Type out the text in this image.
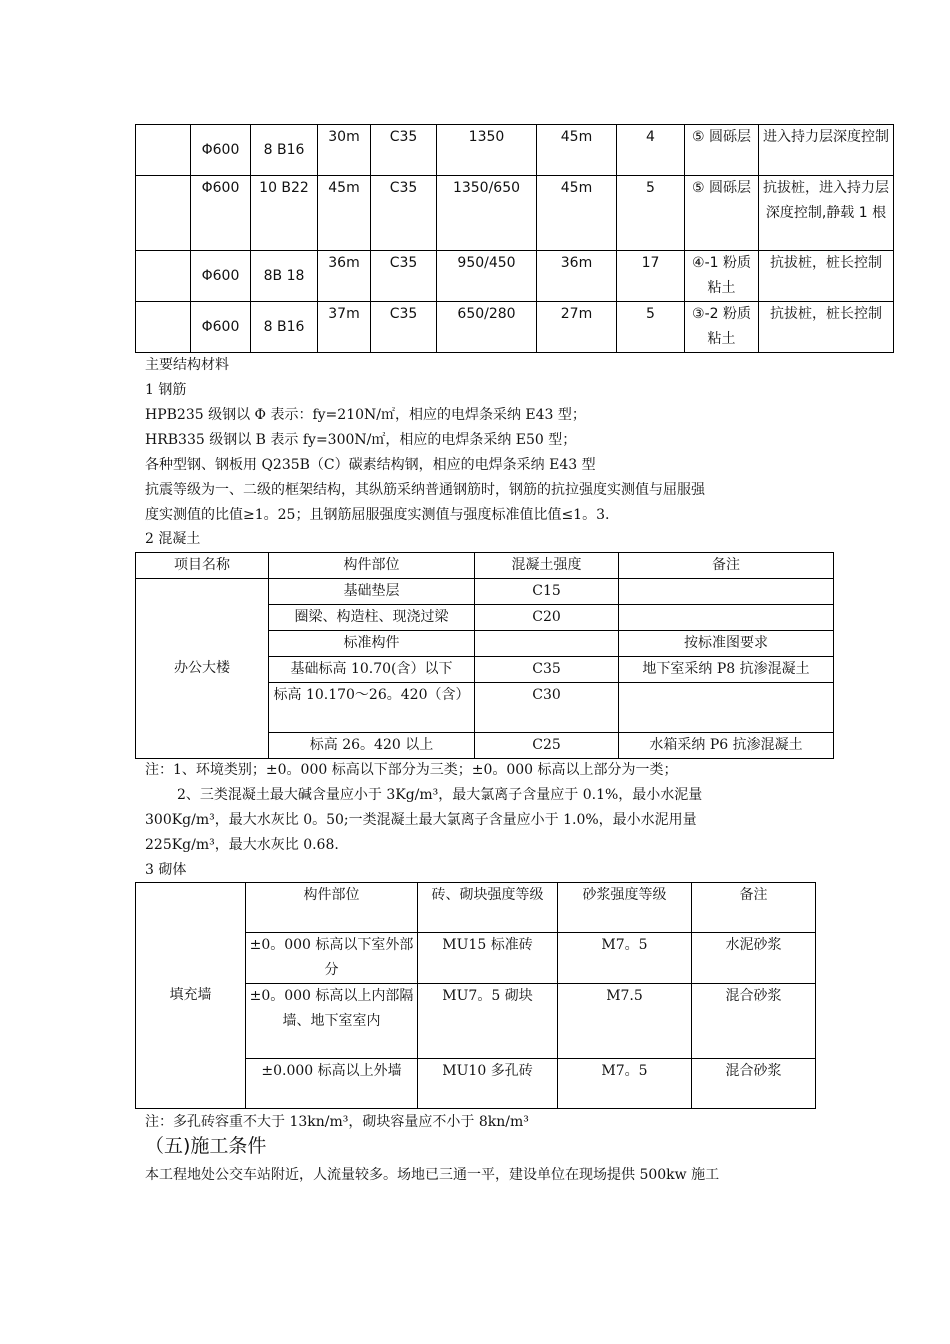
	Φ600	8 B16	30m	C35	1350	45m	4	⑤ 圆砾层	进入持力层深度控制
	Φ600	10 B22	45m	C35	1350/650	45m	5	⑤ 圆砾层	抗拔桩，进入持力层深度控制,静载 1 根
	Φ600	8B 18	36m	C35	950/450	36m	17	④-1 粉质粘土	抗拔桩，桩长控制
	Φ600	8 B16	37m	C35	650/280	27m	5	③-2 粉质粘土	抗拔桩，桩长控制
主要结构材料
1 钢筋
HPB235 级钢以 Φ 表示：fy=210N/㎡，相应的电焊条采纳 E43 型；
HRB335 级钢以 B 表示 fy=300N/㎡，相应的电焊条采纳 E50 型；
各种型钢、钢板用 Q235B（C）碳素结构钢，相应的电焊条采纳 E43 型
抗震等级为一、二级的框架结构，其纵筋采纳普通钢筋时，钢筋的抗拉强度实测值与屈服强
度实测值的比值≥1。25；且钢筋屈服强度实测值与强度标准值比值≤1。3.
2 混凝土
项目名称	构件部位	混凝土强度	备注
办公大楼	基础垫层	C15	
	圈梁、构造柱、现浇过梁	C20	
	标准构件		按标准图要求
	基础标高 10.70(含）以下	C35	地下室采纳 P8 抗渗混凝土
	标高 10.170～26。420（含）	C30	
	标高 26。420 以上	C25	水箱采纳 P6 抗渗混凝土
注：1、环境类别；±0。000 标高以下部分为三类；±0。000 标高以上部分为一类；
2、三类混凝土最大碱含量应小于 3Kg/m³，最大氯离子含量应于 0.1%，最小水泥量
300Kg/m³，最大水灰比 0。50;一类混凝土最大氯离子含量应小于 1.0%，最小水泥用量
225Kg/m³，最大水灰比 0.68.
3 砌体
填充墙	构件部位	砖、砌块强度等级	砂浆强度等级	备注
	±0。000 标高以下室外部分	MU15 标准砖	M7。5	水泥砂浆
	±0。000 标高以上内部隔墙、地下室室内	MU7。5 砌块	M7.5	混合砂浆
	±0.000 标高以上外墙	MU10 多孔砖	M7。5	混合砂浆
注：多孔砖容重不大于 13kn/m³，砌块容量应不小于 8kn/m³
（五)施工条件
本工程地处公交车站附近，人流量较多。场地已三通一平，建设单位在现场提供 500kw 施工
